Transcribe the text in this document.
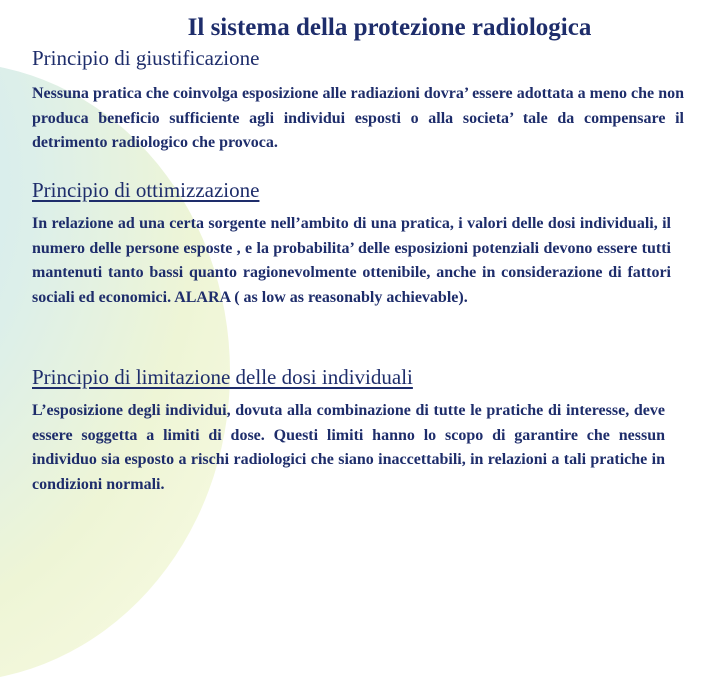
Il sistema della protezione radiologica
Principio di giustificazione
Nessuna pratica che coinvolga esposizione alle radiazioni dovra’ essere adottata a meno che non produca beneficio sufficiente agli individui esposti o alla societa’ tale da compensare il detrimento radiologico che provoca.
Principio di ottimizzazione
In relazione ad una certa sorgente nell’ambito di una pratica, i valori delle dosi individuali, il numero delle persone esposte , e la probabilita’ delle esposizioni potenziali devono essere tutti mantenuti tanto bassi quanto ragionevolmente ottenibile, anche in considerazione di fattori sociali ed economici. ALARA ( as low as reasonably achievable).
Principio di limitazione delle dosi individuali
L’esposizione degli individui, dovuta alla combinazione di tutte le pratiche di interesse, deve essere soggetta a limiti di dose. Questi limiti hanno lo scopo di garantire che nessun individuo sia esposto a rischi radiologici che siano inaccettabili, in relazioni a tali pratiche in condizioni normali.
